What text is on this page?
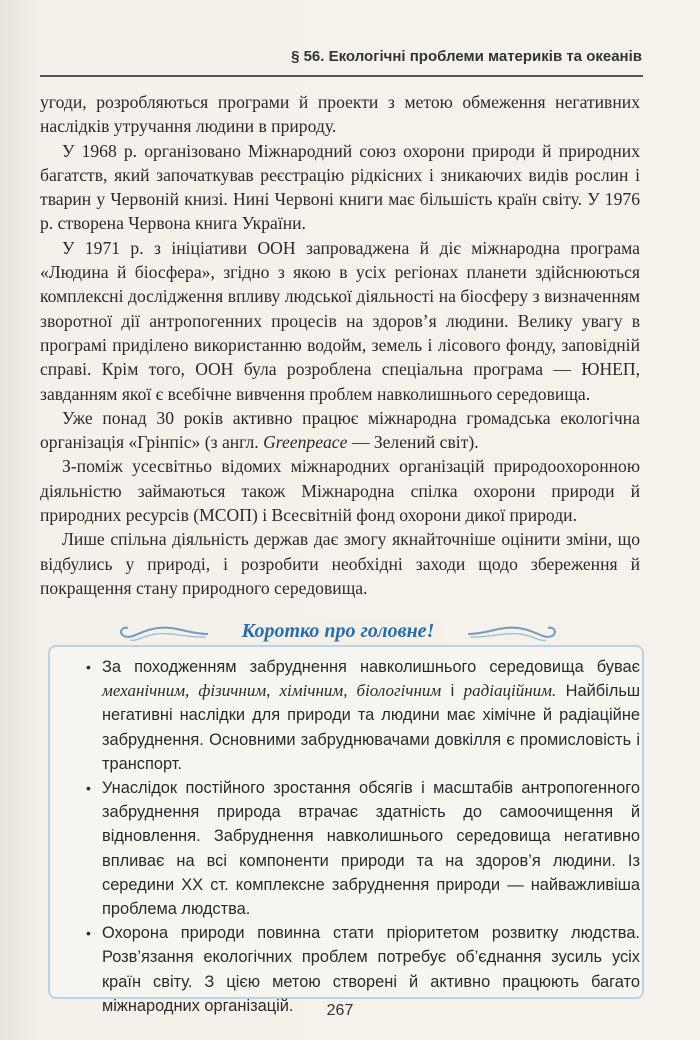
§ 56. Екологічні проблеми материків та океанів

угоди, розробляються програми й проекти з метою обмеження негативних наслідків утручання людини в природу.

У 1968 р. організовано Міжнародний союз охорони природи й природних багатств, який започаткував реєстрацію рідкісних і зникаючих видів рослин і тварин у Червоній книзі. Нині Червоні книги має більшість країн світу. У 1976 р. створена Червона книга України.

У 1971 р. з ініціативи ООН запроваджена й діє міжнародна програма «Людина й біосфера», згідно з якою в усіх регіонах планети здійснюються комплексні дослідження впливу людської діяльності на біосферу з визначенням зворотної дії антропогенних процесів на здоров’я людини. Велику увагу в програмі приділено використанню водойм, земель і лісового фонду, заповідній справі. Крім того, ООН була розроблена спеціальна програма — ЮНЕП, завданням якої є всебічне вивчення проблем навколишнього середовища.

Уже понад 30 років активно працює міжнародна громадська екологічна організація «Грінпіс» (з англ. Greenpeace — Зелений світ).

З-поміж усесвітньо відомих міжнародних організацій природоохоронною діяльністю займаються також Міжнародна спілка охорони природи й природних ресурсів (МСОП) і Всесвітній фонд охорони дикої природи.

Лише спільна діяльність держав дає змогу якнайточніше оцінити зміни, що відбулись у природі, і розробити необхідні заходи щодо збереження й покращення стану природного середовища.

Коротко про головне!
• За походженням забруднення навколишнього середовища буває механічним, фізичним, хімічним, біологічним і радіаційним. Найбільш негативні наслідки для природи та людини має хімічне й радіаційне забруднення. Основними забруднювачами довкілля є промисловість і транспорт.
• Унаслідок постійного зростання обсягів і масштабів антропогенного забруднення природа втрачає здатність до самоочищення й відновлення. Забруднення навколишнього середовища негативно впливає на всі компоненти природи та на здоров’я людини. Із середини XX ст. комплексне забруднення природи — найважливіша проблема людства.
• Охорона природи повинна стати пріоритетом розвитку людства. Розв’язання екологічних проблем потребує об’єднання зусиль усіх країн світу. З цією метою створені й активно працюють багато міжнародних організацій.	267
